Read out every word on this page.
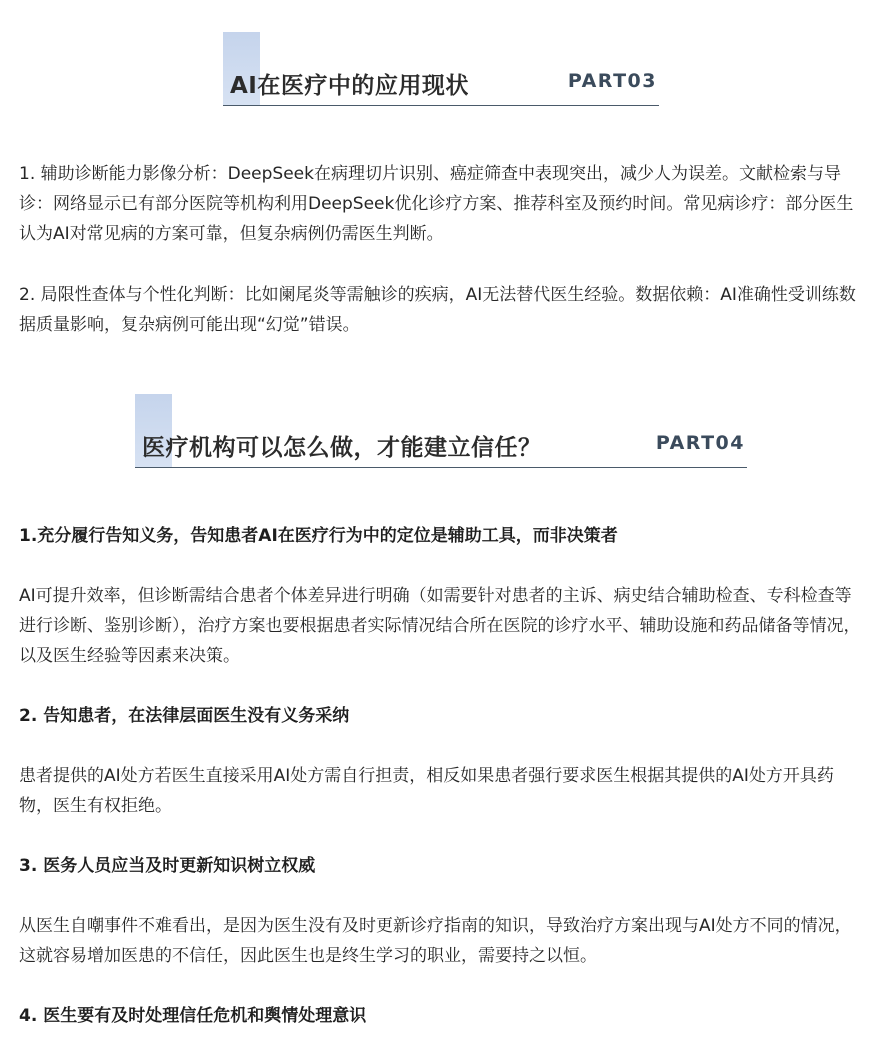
AI在医疗中的应用现状	PART03

1. 辅助诊断能力影像分析：DeepSeek在病理切片识别、癌症筛查中表现突出，减少人为误差。文献检索与导诊：网络显示已有部分医院等机构利用DeepSeek优化诊疗方案、推荐科室及预约时间。常见病诊疗：部分医生认为AI对常见病的方案可靠，但复杂病例仍需医生判断。

2. 局限性查体与个性化判断：比如阑尾炎等需触诊的疾病，AI无法替代医生经验。数据依赖：AI准确性受训练数据质量影响，复杂病例可能出现“幻觉”错误。

医疗机构可以怎么做，才能建立信任？	PART04

1.充分履行告知义务，告知患者AI在医疗行为中的定位是辅助工具，而非决策者

AI可提升效率，但诊断需结合患者个体差异进行明确（如需要针对患者的主诉、病史结合辅助检查、专科检查等进行诊断、鉴别诊断），治疗方案也要根据患者实际情况结合所在医院的诊疗水平、辅助设施和药品储备等情况，以及医生经验等因素来决策。

2. 告知患者，在法律层面医生没有义务采纳

患者提供的AI处方若医生直接采用AI处方需自行担责，相反如果患者强行要求医生根据其提供的AI处方开具药物，医生有权拒绝。

3. 医务人员应当及时更新知识树立权威

从医生自嘲事件不难看出，是因为医生没有及时更新诊疗指南的知识，导致治疗方案出现与AI处方不同的情况，这就容易增加医患的不信任，因此医生也是终生学习的职业，需要持之以恒。

4. 医生要有及时处理信任危机和舆情处理意识
